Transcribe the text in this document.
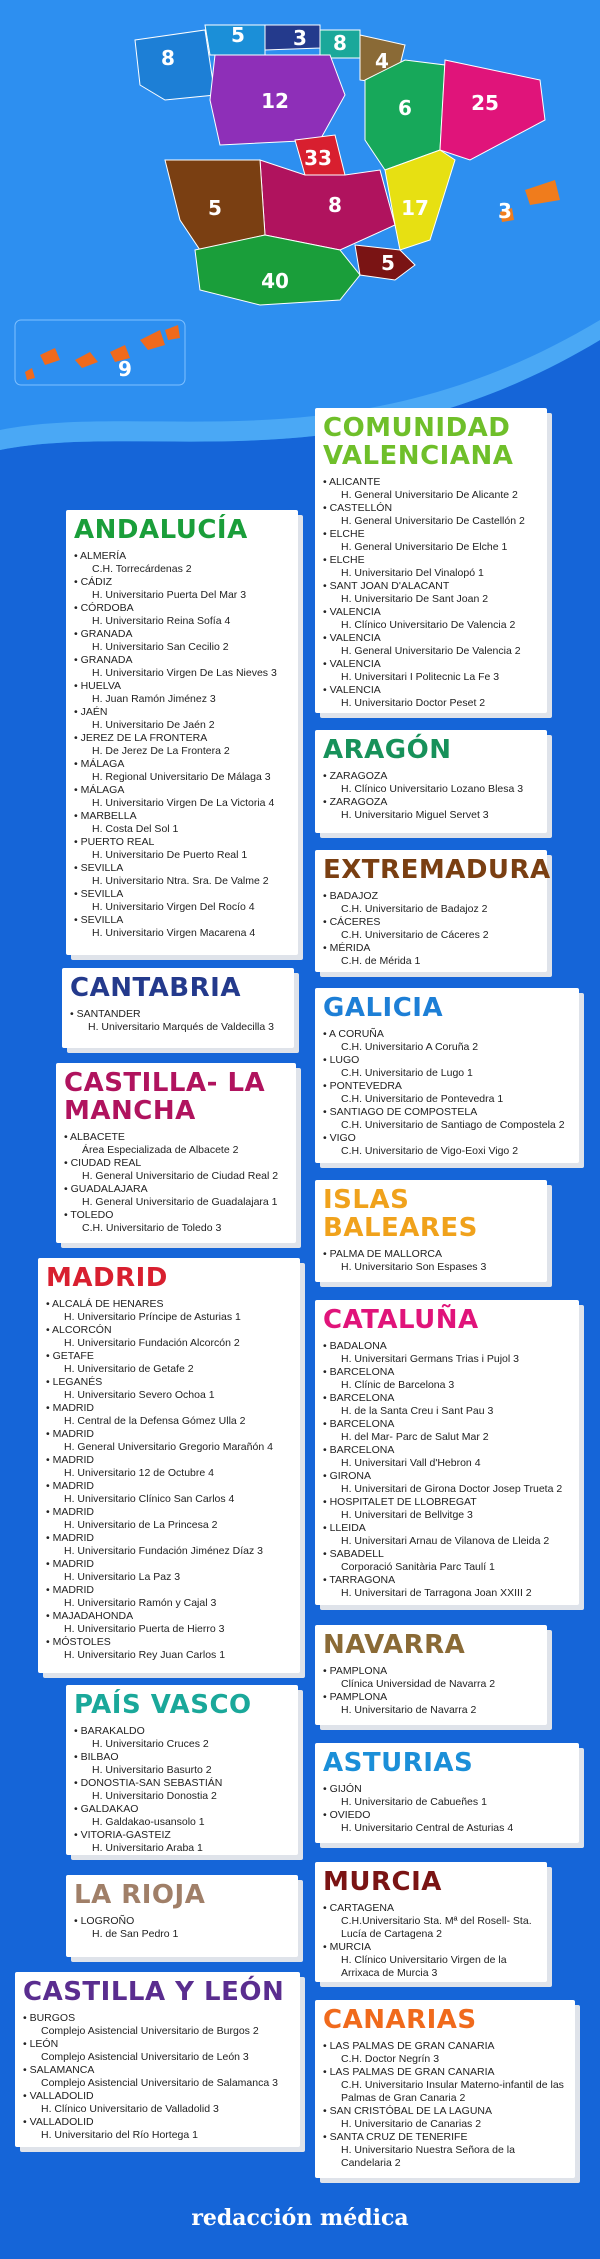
8
5 3 8
4
12	6	25
33
8
5	17	3
5
40
9
COMUNIDAD VALENCIANA
• ALICANTE
H. General Universitario De Alicante 2
• CASTELLÓN
H. General Universitario De Castellón 2
• ELCHE
H. General Universitario De Elche 1
• ELCHE
H. Universitario Del Vinalopó 1
• SANT JOAN D'ALACANT
H. Universitario De Sant Joan 2
• VALENCIA
H. Clínico Universitario De Valencia 2
• VALENCIA
H. General Universitario De Valencia 2
• VALENCIA
H. Universitari I Politecnic La Fe 3
• VALENCIA
H. Universitario Doctor Peset 2
ARAGÓN
• ZARAGOZA
H. Clínico Universitario Lozano Blesa 3
• ZARAGOZA
H. Universitario Miguel Servet 3
EXTREMADURA
• BADAJOZ
C.H. Universitario de Badajoz 2
• CÁCERES
C.H. Universitario de Cáceres 2
• MÉRIDA
C.H. de Mérida 1
GALICIA
• A CORUÑA
C.H. Universitario A Coruña 2
• LUGO
C.H. Universitario de Lugo 1
• PONTEVEDRA
C.H. Universitario de Pontevedra 1
• SANTIAGO DE COMPOSTELA
C.H. Universitario de Santiago de Compostela 2
• VIGO
C.H. Universitario de Vigo-Eoxi Vigo 2
ISLAS BALEARES
• PALMA DE MALLORCA
H. Universitario Son Espases 3
CATALUÑA
• BADALONA
H. Universitari Germans Trias i Pujol 3
• BARCELONA
H. Clínic de Barcelona 3
• BARCELONA
H. de la Santa Creu i Sant Pau 3
• BARCELONA
H. del Mar- Parc de Salut Mar 2
• BARCELONA
H. Universitari Vall d'Hebron 4
• GIRONA
H. Universitari de Girona Doctor Josep Trueta 2
• HOSPITALET DE LLOBREGAT
H. Universitari de Bellvitge 3
• LLEIDA
H. Universitari Arnau de Vilanova de Lleida 2
• SABADELL
Corporació Sanitària Parc Taulí 1
• TARRAGONA
H. Universitari de Tarragona Joan XXIII 2
NAVARRA
• PAMPLONA
Clínica Universidad de Navarra 2
• PAMPLONA
H. Universitario de Navarra 2
ASTURIAS
• GIJÓN
H. Universitario de Cabueñes 1
• OVIEDO
H. Universitario Central de Asturias 4
MURCIA
• CARTAGENA
C.H.Universitario Sta. Mª del Rosell- Sta. Lucía de Cartagena 2
• MURCIA
H. Clínico Universitario Virgen de la Arrixaca de Murcia 3
CANARIAS
• LAS PALMAS DE GRAN CANARIA
C.H. Doctor Negrín 3
• LAS PALMAS DE GRAN CANARIA
C.H. Universitario Insular Materno-infantil de las Palmas de Gran Canaria 2
• SAN CRISTÓBAL DE LA LAGUNA
H. Universitario de Canarias 2
• SANTA CRUZ DE TENERIFE
H. Universitario Nuestra Señora de la Candelaria 2
ANDALUCÍA
• ALMERÍA
C.H. Torrecárdenas 2
• CÁDIZ
H. Universitario Puerta Del Mar 3
• CÓRDOBA
H. Universitario Reina Sofía 4
• GRANADA
H. Universitario San Cecilio 2
• GRANADA
H. Universitario Virgen De Las Nieves 3
• HUELVA
H. Juan Ramón Jiménez 3
• JAÉN
H. Universitario De Jaén 2
• JEREZ DE LA FRONTERA
H. De Jerez De La Frontera 2
• MÁLAGA
H. Regional Universitario De Málaga 3
• MÁLAGA
H. Universitario Virgen De La Victoria 4
• MARBELLA
H. Costa Del Sol 1
• PUERTO REAL
H. Universitario De Puerto Real 1
• SEVILLA
H. Universitario Ntra. Sra. De Valme 2
• SEVILLA
H. Universitario Virgen Del Rocío 4
• SEVILLA
H. Universitario Virgen Macarena 4
CANTABRIA
• SANTANDER
H. Universitario Marqués de Valdecilla 3
CASTILLA- LA MANCHA
• ALBACETE
Área Especializada de Albacete 2
• CIUDAD REAL
H. General Universitario de Ciudad Real 2
• GUADALAJARA
H. General Universitario de Guadalajara 1
• TOLEDO
C.H. Universitario de Toledo 3
MADRID
• ALCALÁ DE HENARES
H. Universitario Príncipe de Asturias 1
• ALCORCÓN
H. Universitario Fundación Alcorcón 2
• GETAFE
H. Universitario de Getafe 2
• LEGANÉS
H. Universitario Severo Ochoa 1
• MADRID
H. Central de la Defensa Gómez Ulla 2
• MADRID
H. General Universitario Gregorio Marañón 4
• MADRID
H. Universitario 12 de Octubre 4
• MADRID
H. Universitario Clínico San Carlos 4
• MADRID
H. Universitario de La Princesa 2
• MADRID
H. Universitario Fundación Jiménez Díaz 3
• MADRID
H. Universitario La Paz 3
• MADRID
H. Universitario Ramón y Cajal 3
• MAJADAHONDA
H. Universitario Puerta de Hierro 3
• MÓSTOLES
H. Universitario Rey Juan Carlos 1
PAÍS VASCO
• BARAKALDO
H. Universitario Cruces 2
• BILBAO
H. Universitario Basurto 2
• DONOSTIA-SAN SEBASTIÁN
H. Universitario Donostia 2
• GALDAKAO
H. Galdakao-usansolo 1
• VITORIA-GASTEIZ
H. Universitario Araba 1
LA RIOJA
• LOGROÑO
H. de San Pedro 1
CASTILLA Y LEÓN
• BURGOS
Complejo Asistencial Universitario de Burgos 2
• LEÓN
Complejo Asistencial Universitario de León 3
• SALAMANCA
Complejo Asistencial Universitario de Salamanca 3
• VALLADOLID
H. Clínico Universitario de Valladolid 3
• VALLADOLID
H. Universitario del Río Hortega 1
redacción médica
